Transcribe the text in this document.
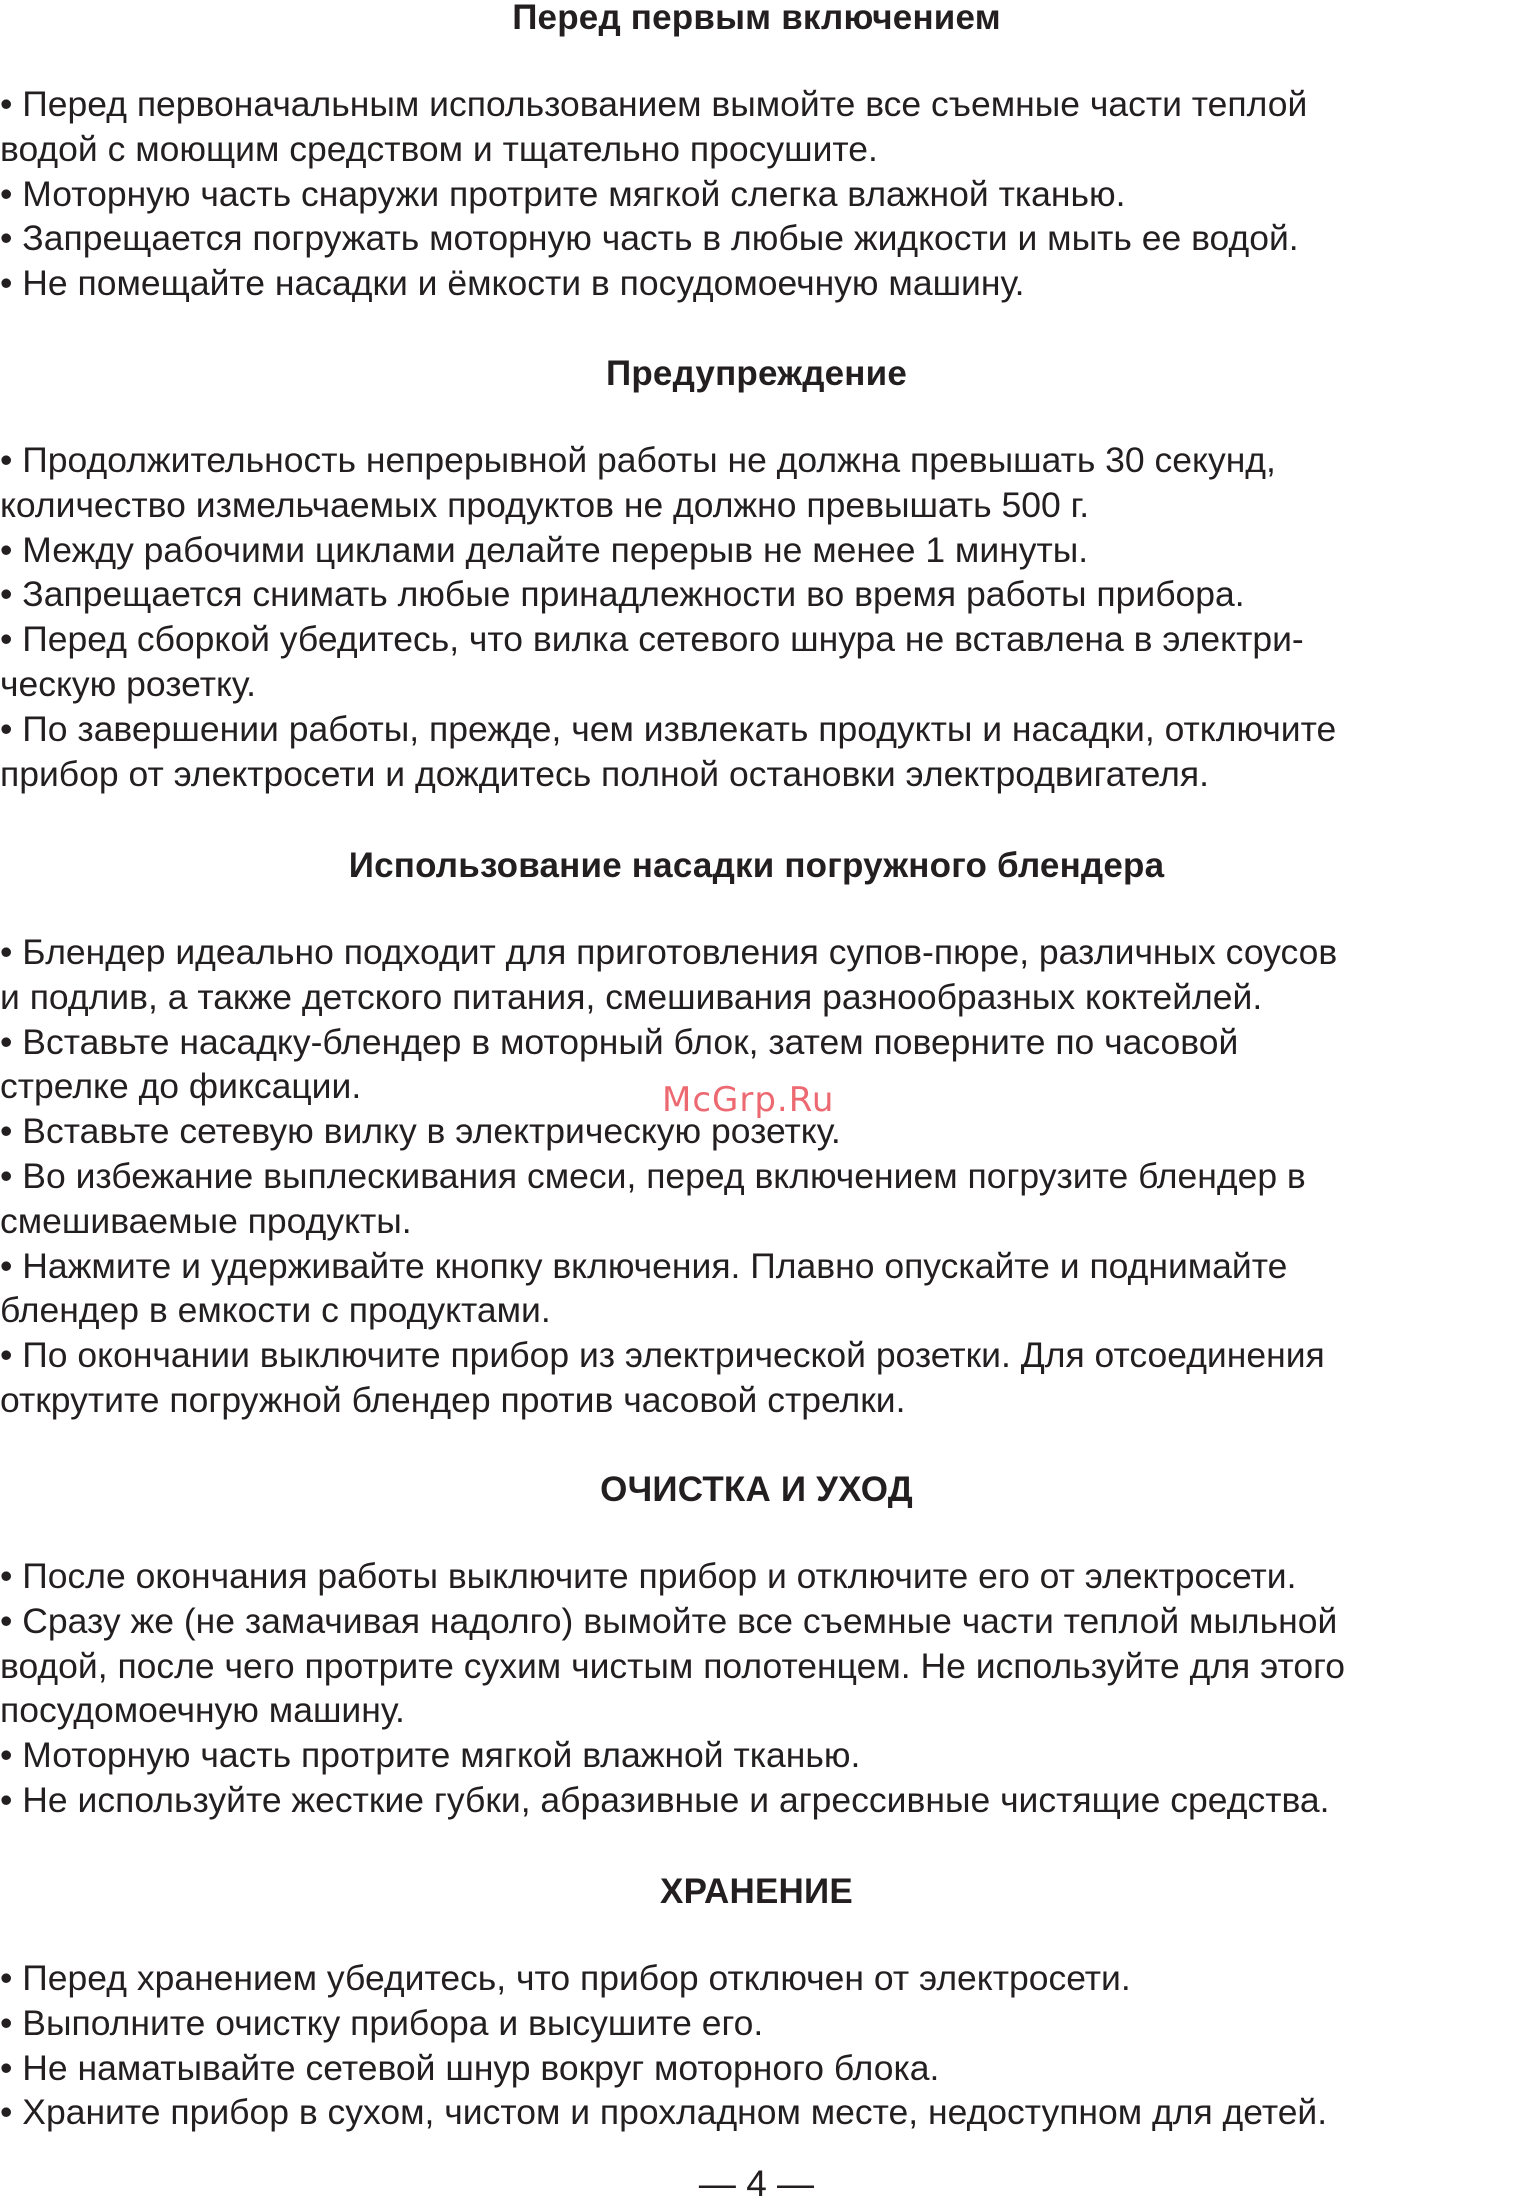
Перед первым включением
• Перед первоначальным использованием вымойте все съемные части теплой
водой с моющим средством и тщательно просушите.
• Моторную часть снаружи протрите мягкой слегка влажной тканью.
• Запрещается погружать моторную часть в любые жидкости и мыть ее водой.
• Не помещайте насадки и ёмкости в посудомоечную машину.
Предупреждение
• Продолжительность непрерывной работы не должна превышать 30 секунд,
количество измельчаемых продуктов не должно превышать 500 г.
• Между рабочими циклами делайте перерыв не менее 1 минуты.
• Запрещается снимать любые принадлежности во время работы прибора.
• Перед сборкой убедитесь, что вилка сетевого шнура не вставлена в электри-
ческую розетку.
• По завершении работы, прежде, чем извлекать продукты и насадки, отключите
прибор от электросети и дождитесь полной остановки электродвигателя.
Использование насадки погружного блендера
• Блендер идеально подходит для приготовления супов-пюре, различных соусов
и подлив, а также детского питания, смешивания разнообразных коктейлей.
• Вставьте насадку-блендер в моторный блок, затем поверните по часовой
стрелке до фиксации.
• Вставьте сетевую вилку в электрическую розетку.
• Во избежание выплескивания смеси, перед включением погрузите блендер в
смешиваемые продукты.
• Нажмите и удерживайте кнопку включения. Плавно опускайте и поднимайте
блендер в емкости с продуктами.
• По окончании выключите прибор из электрической розетки. Для отсоединения
открутите погружной блендер против часовой стрелки.
ОЧИСТКА И УХОД
• После окончания работы выключите прибор и отключите его от электросети.
• Сразу же (не замачивая надолго) вымойте все съемные части теплой мыльной
водой, после чего протрите сухим чистым полотенцем. Не используйте для этого
посудомоечную машину.
• Моторную часть протрите мягкой влажной тканью.
• Не используйте жесткие губки, абразивные и агрессивные чистящие средства.
ХРАНЕНИЕ
• Перед хранением убедитесь, что прибор отключен от электросети.
• Выполните очистку прибора и высушите его.
• Не наматывайте сетевой шнур вокруг моторного блока.
• Храните прибор в сухом, чистом и прохладном месте, недоступном для детей.
McGrp.Ru
— 4 —
